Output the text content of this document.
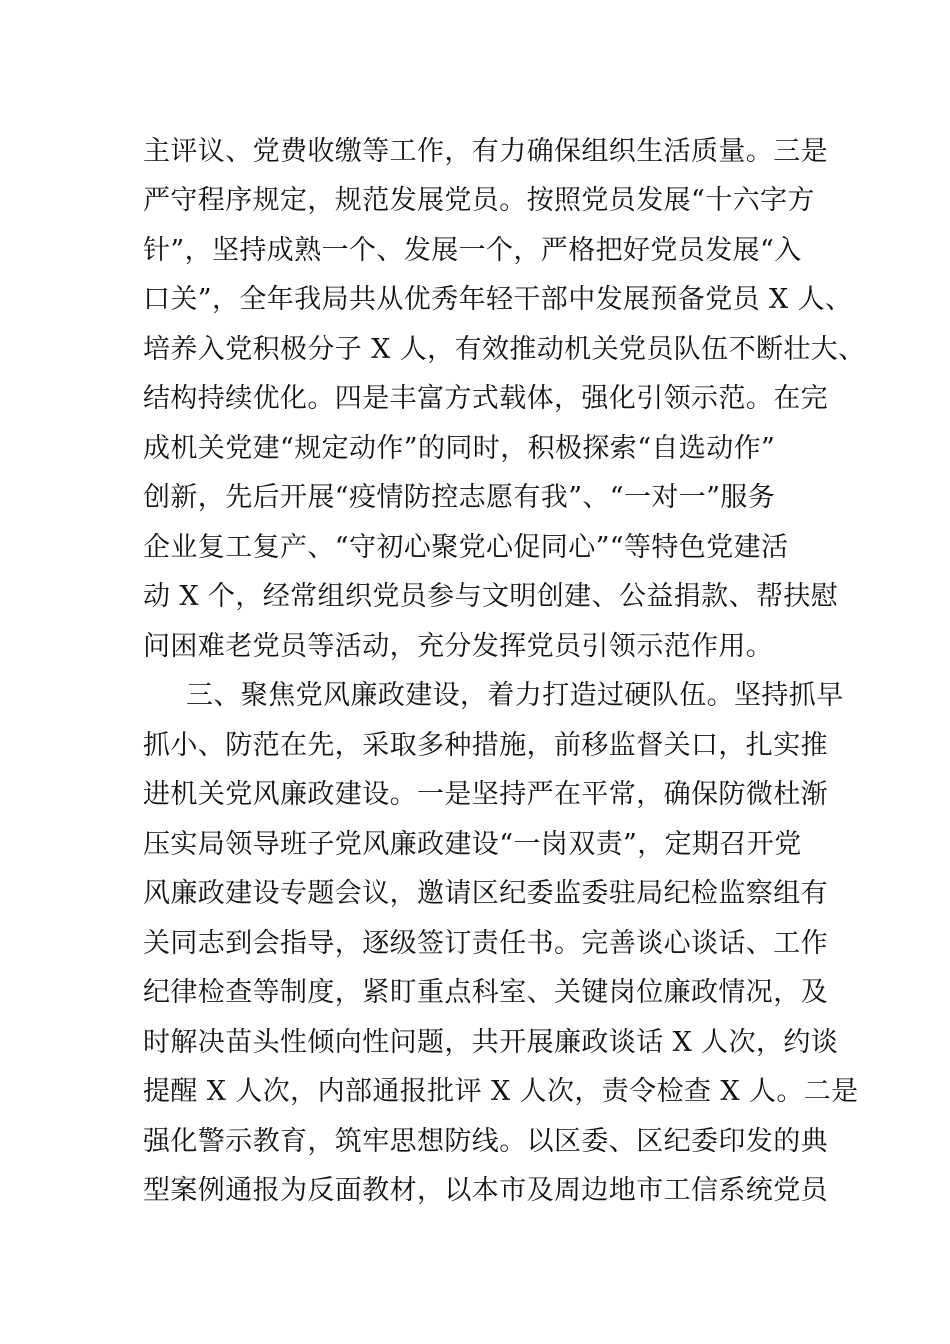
主评议、党费收缴等工作，有力确保组织生活质量。三是
严守程序规定，规范发展党员。按照党员发展“十六字方
针”，坚持成熟一个、发展一个，严格把好党员发展“入
口关”，全年我局共从优秀年轻干部中发展预备党员 X 人、
培养入党积极分子 X 人，有效推动机关党员队伍不断壮大、
结构持续优化。四是丰富方式载体，强化引领示范。在完
成机关党建“规定动作”的同时，积极探索“自选动作”
创新，先后开展“疫情防控志愿有我”、“一对一”服务
企业复工复产、“守初心聚党心促同心”“等特色党建活
动 X 个，经常组织党员参与文明创建、公益捐款、帮扶慰
问困难老党员等活动，充分发挥党员引领示范作用。
三、聚焦党风廉政建设，着力打造过硬队伍。坚持抓早
抓小、防范在先，采取多种措施，前移监督关口，扎实推
进机关党风廉政建设。一是坚持严在平常，确保防微杜渐
压实局领导班子党风廉政建设“一岗双责”，定期召开党
风廉政建设专题会议，邀请区纪委监委驻局纪检监察组有
关同志到会指导，逐级签订责任书。完善谈心谈话、工作
纪律检查等制度，紧盯重点科室、关键岗位廉政情况，及
时解决苗头性倾向性问题，共开展廉政谈话 X 人次，约谈
提醒 X 人次，内部通报批评 X 人次，责令检查 X 人。二是
强化警示教育，筑牢思想防线。以区委、区纪委印发的典
型案例通报为反面教材，以本市及周边地市工信系统党员
